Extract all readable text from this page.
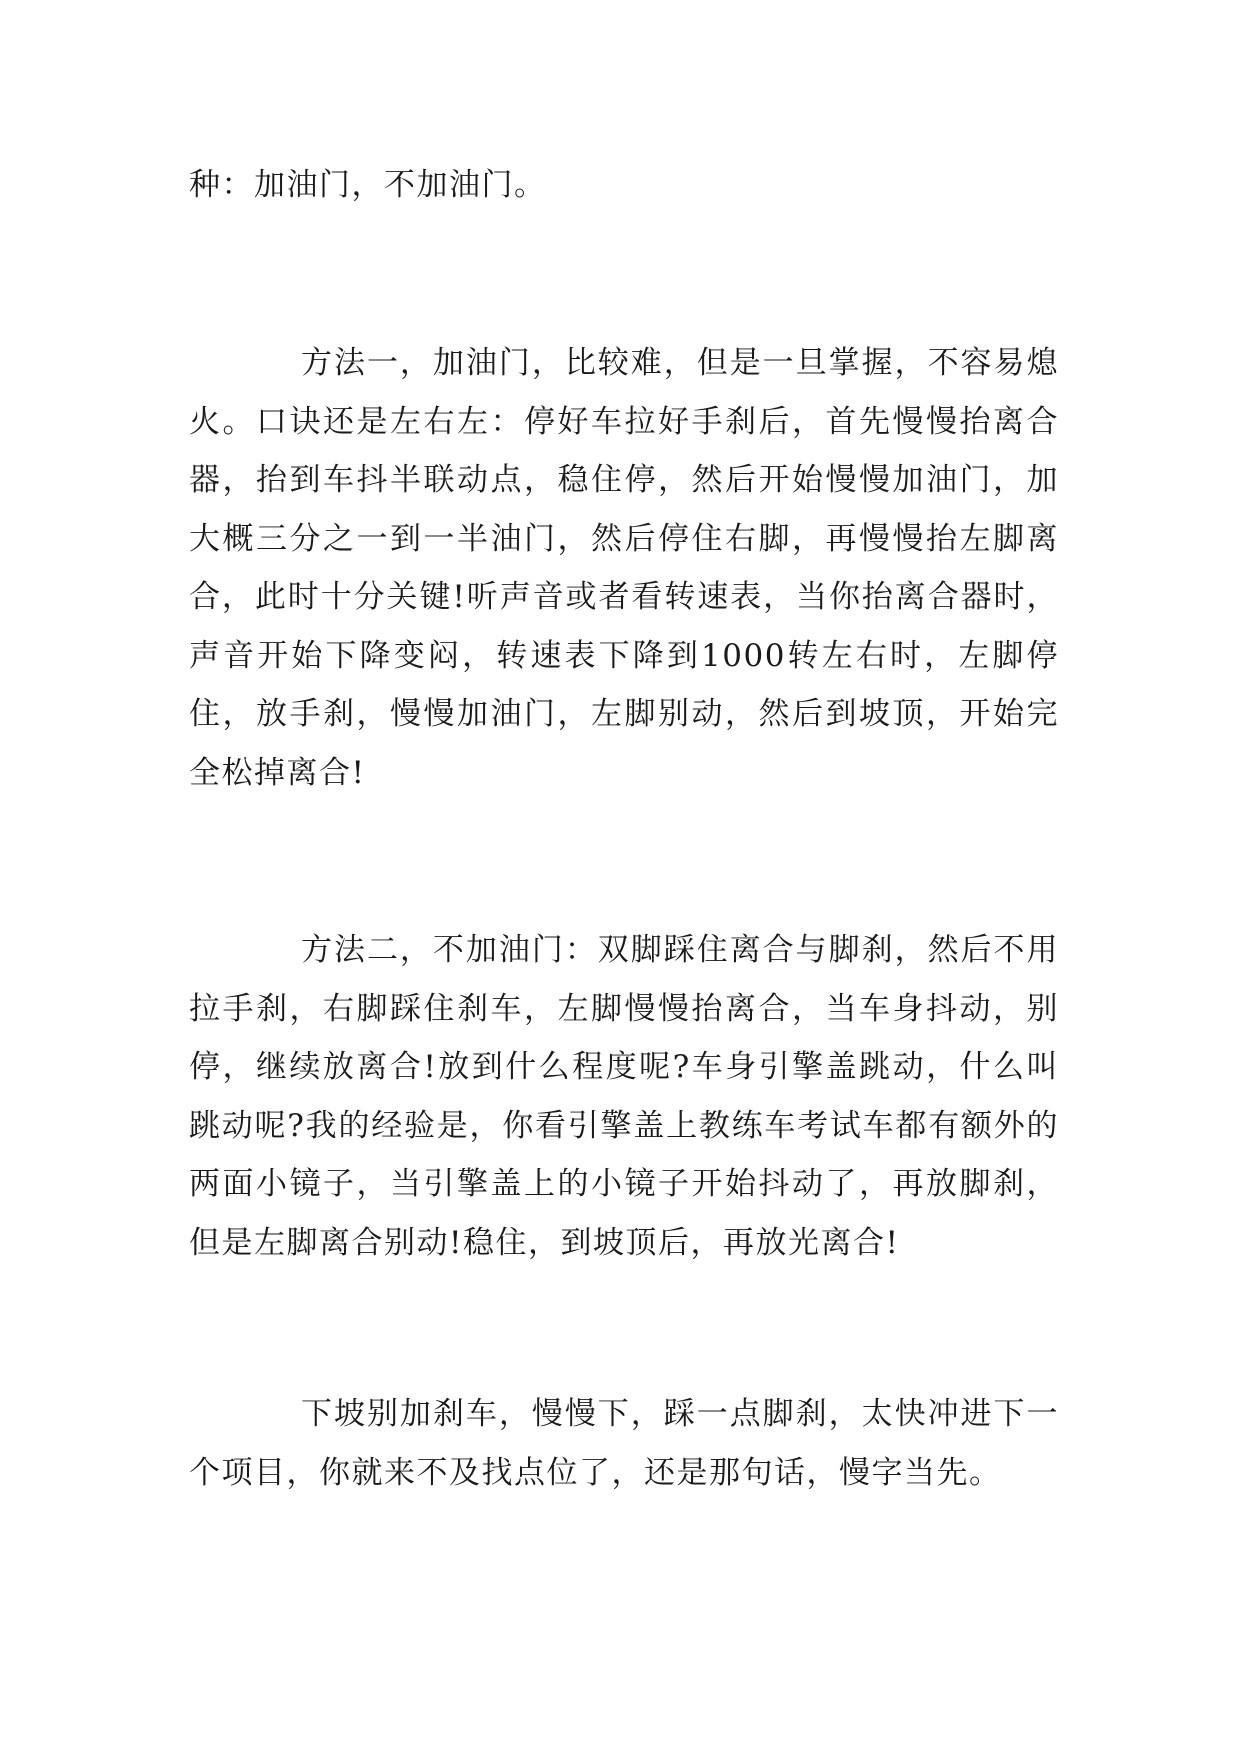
种：加油门，不加油门。

方法一，加油门，比较难，但是一旦掌握，不容易熄火。口诀还是左右左：停好车拉好手刹后，首先慢慢抬离合器，抬到车抖半联动点，稳住停，然后开始慢慢加油门，加大概三分之一到一半油门，然后停住右脚，再慢慢抬左脚离合，此时十分关键!听声音或者看转速表，当你抬离合器时，声音开始下降变闷，转速表下降到1000转左右时，左脚停住，放手刹，慢慢加油门，左脚别动，然后到坡顶，开始完全松掉离合!

方法二，不加油门：双脚踩住离合与脚刹，然后不用拉手刹，右脚踩住刹车，左脚慢慢抬离合，当车身抖动，别停，继续放离合!放到什么程度呢?车身引擎盖跳动，什么叫跳动呢?我的经验是，你看引擎盖上教练车考试车都有额外的两面小镜子，当引擎盖上的小镜子开始抖动了，再放脚刹，但是左脚离合别动!稳住，到坡顶后，再放光离合!

下坡别加刹车，慢慢下，踩一点脚刹，太快冲进下一个项目，你就来不及找点位了，还是那句话，慢字当先。
